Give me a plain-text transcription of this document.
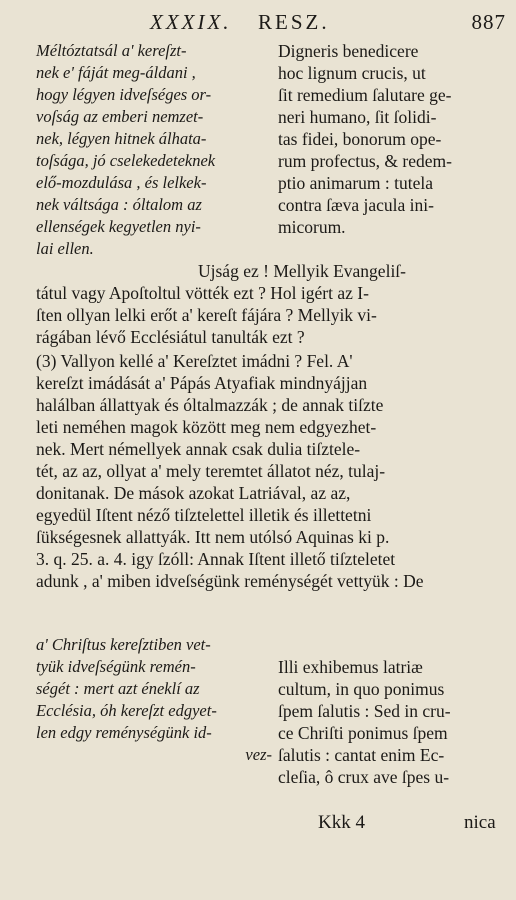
XXXIX. RESZ.	887
Méltóztatsál a' kereſzt-
nek e' fáját meg-áldani ,
hogy légyen idveſséges or-
voſság az emberi nemzet-
nek, légyen hitnek álhata-
toſsága, jó cselekedeteknek
elő-mozdulása , és lelkek-
nek váltsága : óltalom az
ellenségek kegyetlen nyi-
lai ellen.
Digneris benedicere
hoc lignum crucis, ut
ſit remedium ſalutare ge-
neri humano, ſit ſolidi-
tas fidei, bonorum ope-
rum profectus, & redem-
ptio animarum : tutela
contra ſæva jacula ini-
micorum.
Ujság ez ! Mellyik Evangeliſ-
tátul vagy Apoſtoltul vötték ezt ? Hol igért az I-
ſten ollyan lelki erőt a' kereſt fájára ? Mellyik vi-
rágában lévő Ecclésiátul tanulták ezt ?
(3) Vallyon kellé a' Kereſztet imádni ? Fel. A'
kereſzt imádását a' Pápás Atyafiak mindnyájjan
halálban állattyak és óltalmazzák ; de annak tiſzte
leti neméhen magok között meg nem edgyezhet-
nek. Mert némellyek annak csak dulia tiſztele-
tét, az az, ollyat a' mely teremtet állatot néz, tulaj-
donitanak. De mások azokat Latriával, az az,
egyedül Iſtent néző tiſztelettel illetik és illettetni
ſükségesnek allattyák. Itt nem utólsó Aquinas ki p.
3. q. 25. a. 4. igy ſzóll: Annak Iſtent illető tiſzteletet
adunk , a' miben idveſségünk reménységét vettyük : De
a' Chriſtus kereſztiben vet-
tyük idveſségünk remén-
ségét : mert azt éneklí az
Ecclésia, óh kereſzt edgyet-
len edgy reménységünk id-
vez-
Illi exhibemus latriæ
cultum, in quo ponimus
ſpem ſalutis : Sed in cru-
ce Chriſti ponimus ſpem
ſalutis : cantat enim Ec-
cleſia, ô crux ave ſpes u-
Kkk 4	nica
